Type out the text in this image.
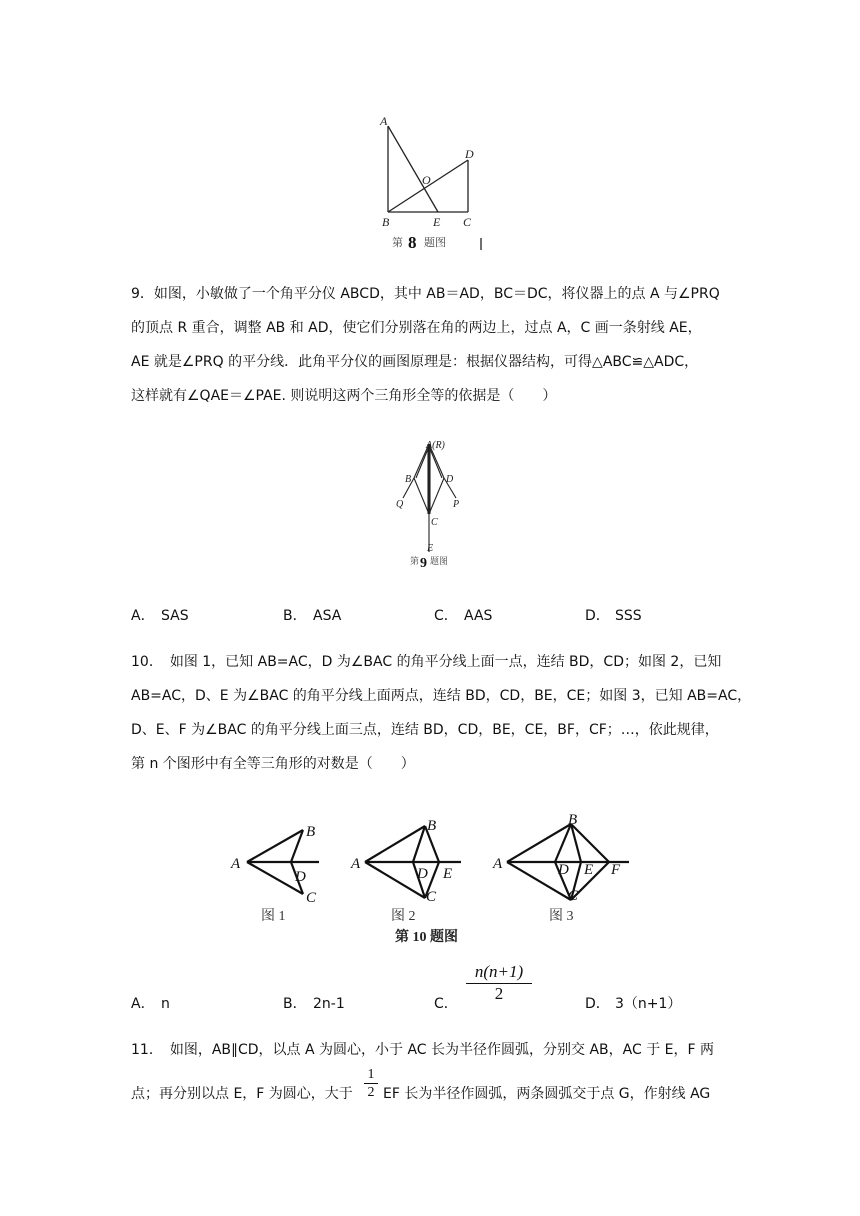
A
B	C
D
E
O
第 8 题图
9．如图，小敏做了一个角平分仪 ABCD，其中 AB＝AD，BC＝DC，将仪器上的点 A 与∠PRQ
的顶点 R 重合，调整 AB 和 AD，使它们分别落在角的两边上，过点 A，C 画一条射线 AE，
AE 就是∠PRQ 的平分线．此角平分仪的画图原理是：根据仪器结构，可得△ABC≌△ADC，
这样就有∠QAE＝∠PAE. 则说明这两个三角形全等的依据是（　　）
A(R)
B	D
Q	P
C
E
第 9 题图
A． SAS	B． ASA	C． AAS	D． SSS
10．　如图 1，已知 AB=AC，D 为∠BAC 的角平分线上面一点，连结 BD，CD；如图 2，已知
AB=AC，D、E 为∠BAC 的角平分线上面两点，连结 BD，CD，BE，CE；如图 3，已知 AB=AC，
D、E、F 为∠BAC 的角平分线上面三点，连结 BD，CD，BE，CE，BF，CF；…，依此规律，
第 n 个图形中有全等三角形的对数是（　　）
A
B
D
C
A
B
D E
C
A
B
D E F
C
图 1	图 2	图 3
第 10 题图
A． n	B． 2n-1	C．
n(n+1)
2
D． 3（n+1）
11．　如图，AB∥CD，以点 A 为圆心，小于 AC 长为半径作圆弧，分别交 AB，AC 于 E，F 两
点；再分别以点 E，F 为圆心，大于
1
2 EF 长为半径作圆弧，两条圆弧交于点 G，作射线 AG
